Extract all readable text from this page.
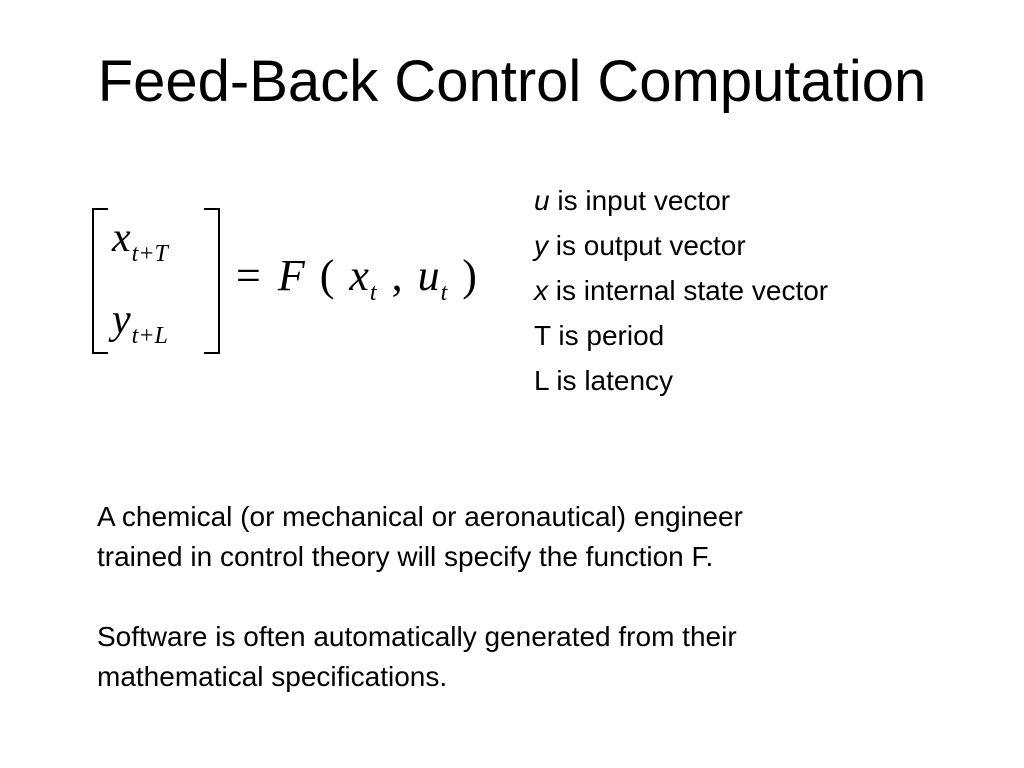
Feed-Back Control Computation
$x_{t+T}$
$y_{t+L}$
= F ( $x_t$ , $u_t$ )
u is input vector
y is output vector
x is internal state vector
T is period
L is latency
A chemical (or mechanical or aeronautical) engineer
trained in control theory will specify the function F.
Software is often automatically generated from their
mathematical specifications.
